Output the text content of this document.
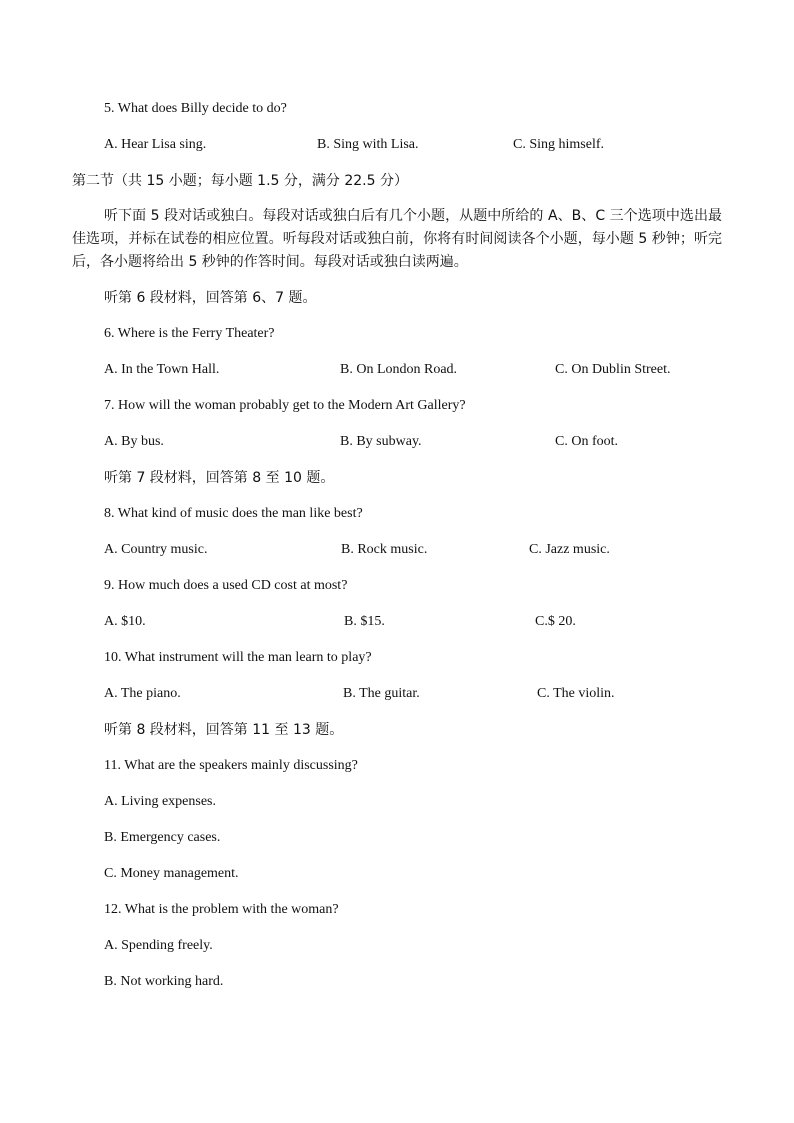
5. What does Billy decide to do?
A. Hear Lisa sing.	B. Sing with Lisa.	C. Sing himself.
第二节（共 15 小题；每小题 1.5 分，满分 22.5 分）
听下面 5 段对话或独白。每段对话或独白后有几个小题，从题中所给的 A、B、C 三个选项中选出最佳选项，并标在试卷的相应位置。听每段对话或独白前，你将有时间阅读各个小题，每小题 5 秒钟；听完后，各小题将给出 5 秒钟的作答时间。每段对话或独白读两遍。
听第 6 段材料，回答第 6、7 题。
6. Where is the Ferry Theater?
A. In the Town Hall.	B. On London Road.	C. On Dublin Street.
7. How will the woman probably get to the Modern Art Gallery?
A. By bus.	B. By subway.	C. On foot.
听第 7 段材料，回答第 8 至 10 题。
8. What kind of music does the man like best?
A. Country music.	B. Rock music.	C. Jazz music.
9. How much does a used CD cost at most?
A. $10.	B. $15.	C.$ 20.
10. What instrument will the man learn to play?
A. The piano.	B. The guitar.	C. The violin.
听第 8 段材料，回答第 11 至 13 题。
11. What are the speakers mainly discussing?
A. Living expenses.
B. Emergency cases.
C. Money management.
12. What is the problem with the woman?
A. Spending freely.
B. Not working hard.
